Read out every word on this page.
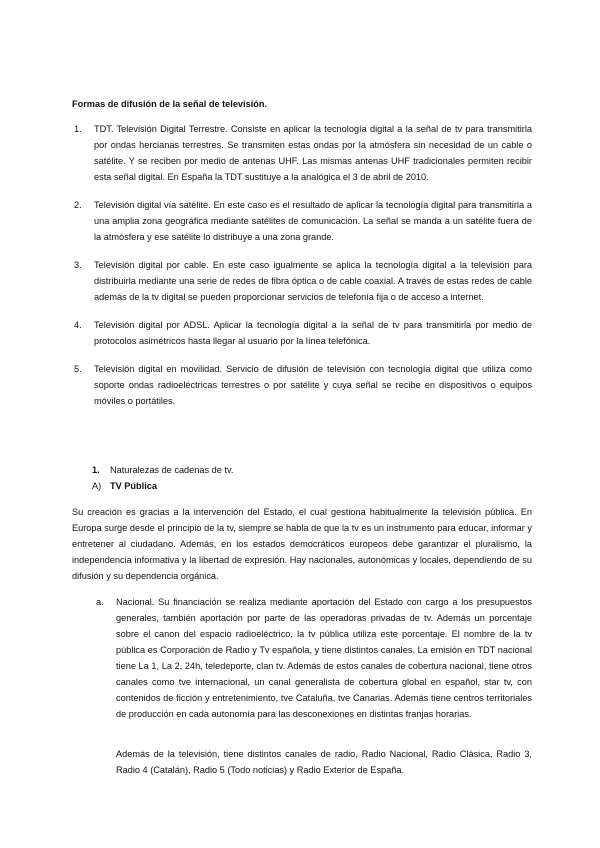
Formas de difusión de la señal de televisión.
1. TDT. Televisión Digital Terrestre. Consiste en aplicar la tecnología digital a la señal de tv para transmitirla por ondas hercianas terrestres. Se transmiten estas ondas por la atmósfera sin necesidad de un cable o satélite. Y se reciben por medio de antenas UHF. Las mismas antenas UHF tradicionales permiten recibir esta señal digital. En España la TDT sustituye a la analógica el 3 de abril de 2010.
2. Televisión digital vía satélite. En este caso es el resultado de aplicar la tecnología digital para transmitirla a una amplia zona geográfica mediante satélites de comunicación. La señal se manda a un satélite fuera de la atmósfera y ese satélite lo distribuye a una zona grande.
3. Televisión digital por cable. En este caso igualmente se aplica la tecnología digital a la televisión para distribuirla mediante una serie de redes de fibra óptica o de cable coaxial. A través de estas redes de cable además de la tv digital se pueden proporcionar servicios de telefonía fija o de acceso a internet.
4. Televisión digital por ADSL. Aplicar la tecnología digital a la señal de tv para transmitirla por medio de protocolos asimétricos hasta llegar al usuario por la línea telefónica.
5. Televisión digital en movilidad. Servicio de difusión de televisión con tecnología digital que utiliza como soporte ondas radioeléctricas terrestres o por satélite y cuya señal se recibe en dispositivos o equipos móviles o portátiles.
1. Naturalezas de cadenas de tv.
A) TV Pública
Su creación es gracias a la intervención del Estado, el cual gestiona habitualmente la televisión pública. En Europa surge desde el principio de la tv, siempre se habla de que la tv es un instrumento para educar, informar y entretener al ciudadano. Además, en los estados democráticos europeos debe garantizar el pluralismo, la independencia informativa y la libertad de expresión. Hay nacionales, autonómicas y locales, dependiendo de su difusión y su dependencia orgánica.
a. Nacional. Su financiación se realiza mediante aportación del Estado con cargo a los presupuestos generales, también aportación por parte de las operadoras privadas de tv. Además un porcentaje sobre el canon del espacio radioeléctrico, la tv pública utiliza este porcentaje. El nombre de la tv pública es Corporación de Radio y Tv española, y tiene distintos canales. La emisión en TDT nacional tiene La 1, La 2, 24h, teledeporte, clan tv. Además de estos canales de cobertura nacional, tiene otros canales como tve internacional, un canal generalista de cobertura global en español, star tv, con contenidos de ficción y entretenimiento, tve Cataluña, tve Canarias. Además tiene centros territoriales de producción en cada autonomía para las desconexiones en distintas franjas horarias.
Además de la televisión, tiene distintos canales de radio, Radio Nacional, Radio Clásica, Radio 3, Radio 4 (Catalán), Radio 5 (Todo noticias) y Radio Exterior de España.
